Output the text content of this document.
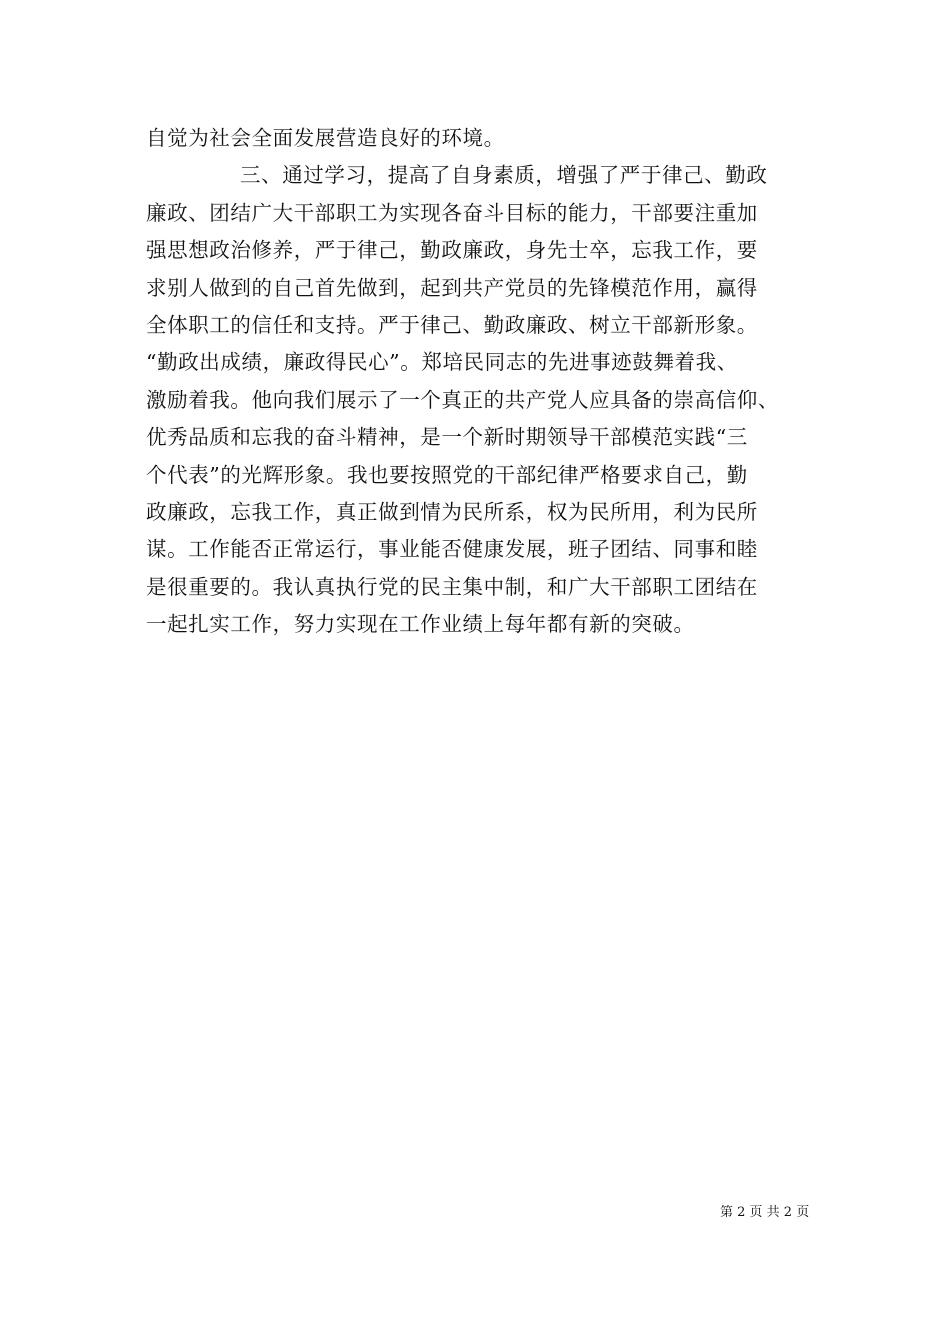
自觉为社会全面发展营造良好的环境。
三、通过学习，提高了自身素质，增强了严于律己、勤政
廉政、团结广大干部职工为实现各奋斗目标的能力，干部要注重加
强思想政治修养，严于律己，勤政廉政，身先士卒，忘我工作，要
求别人做到的自己首先做到，起到共产党员的先锋模范作用，赢得
全体职工的信任和支持。严于律己、勤政廉政、树立干部新形象。
“勤政出成绩，廉政得民心”。郑培民同志的先进事迹鼓舞着我、
激励着我。他向我们展示了一个真正的共产党人应具备的崇高信仰、
优秀品质和忘我的奋斗精神，是一个新时期领导干部模范实践“三
个代表”的光辉形象。我也要按照党的干部纪律严格要求自己，勤
政廉政，忘我工作，真正做到情为民所系，权为民所用，利为民所
谋。工作能否正常运行，事业能否健康发展，班子团结、同事和睦
是很重要的。我认真执行党的民主集中制，和广大干部职工团结在
一起扎实工作，努力实现在工作业绩上每年都有新的突破。
第 2 页 共 2 页
